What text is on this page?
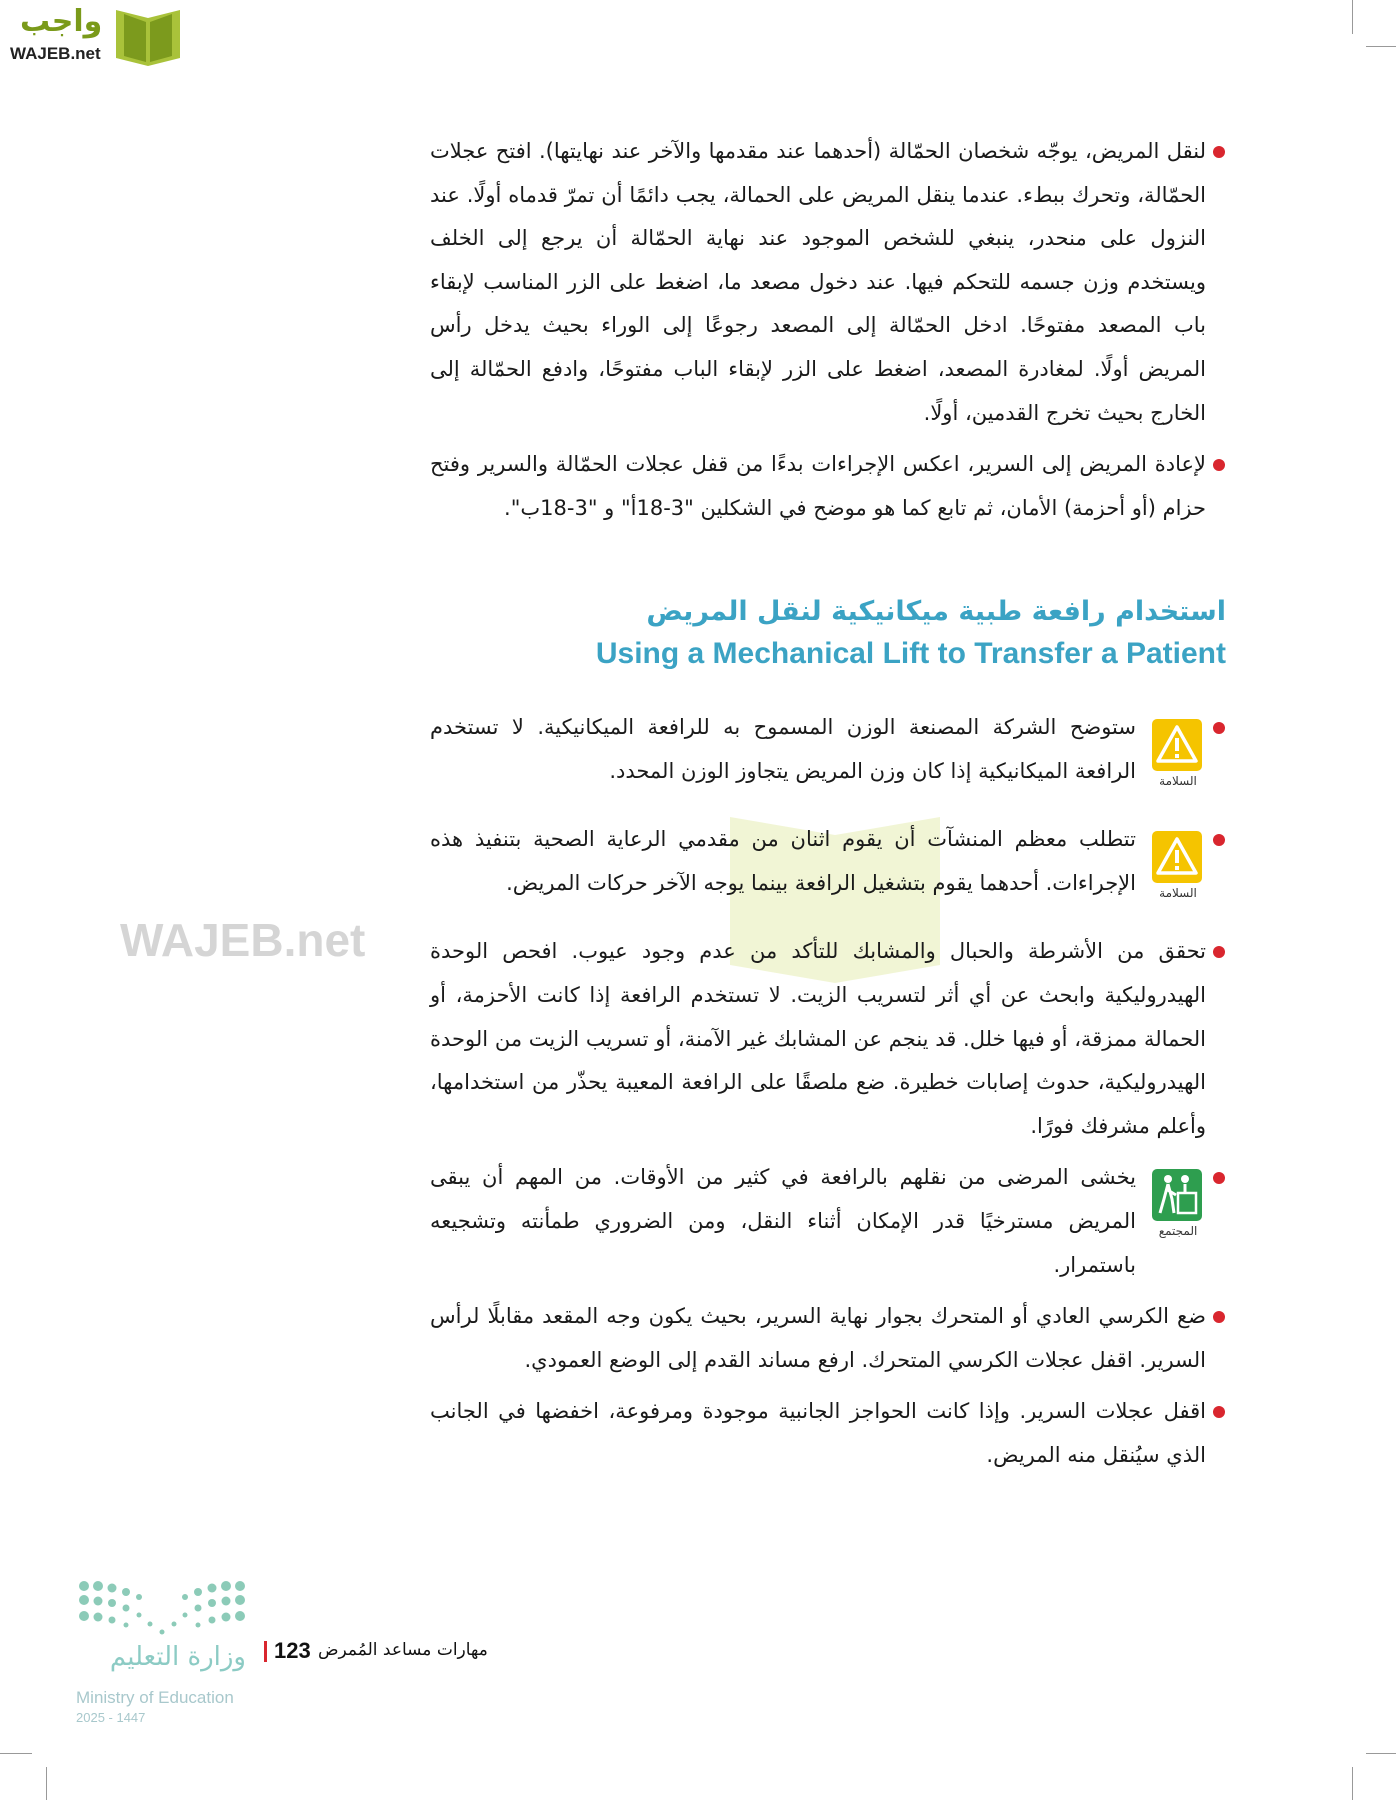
واجب
WAJEB.net
WAJEB.net
لنقل المريض، يوجّه شخصان الحمّالة (أحدهما عند مقدمها والآخر عند نهايتها). افتح عجلات الحمّالة، وتحرك ببطء. عندما ينقل المريض على الحمالة، يجب دائمًا أن تمرّ قدماه أولًا. عند النزول على منحدر، ينبغي للشخص الموجود عند نهاية الحمّالة أن يرجع إلى الخلف ويستخدم وزن جسمه للتحكم فيها. عند دخول مصعد ما، اضغط على الزر المناسب لإبقاء باب المصعد مفتوحًا. ادخل الحمّالة إلى المصعد رجوعًا إلى الوراء بحيث يدخل رأس المريض أولًا. لمغادرة المصعد، اضغط على الزر لإبقاء الباب مفتوحًا، وادفع الحمّالة إلى الخارج بحيث تخرج القدمين، أولًا.
لإعادة المريض إلى السرير، اعكس الإجراءات بدءًا من قفل عجلات الحمّالة والسرير وفتح حزام (أو أحزمة) الأمان، ثم تابع كما هو موضح في الشكلين "3-18أ" و "3-18ب".
استخدام رافعة طبية ميكانيكية لنقل المريض
Using a Mechanical Lift to Transfer a Patient
السلامة
ستوضح الشركة المصنعة الوزن المسموح به للرافعة الميكانيكية. لا تستخدم الرافعة الميكانيكية إذا كان وزن المريض يتجاوز الوزن المحدد.
السلامة
تتطلب معظم المنشآت أن يقوم اثنان من مقدمي الرعاية الصحية بتنفيذ هذه الإجراءات. أحدهما يقوم بتشغيل الرافعة بينما يوجه الآخر حركات المريض.
تحقق من الأشرطة والحبال والمشابك للتأكد من عدم وجود عيوب. افحص الوحدة الهيدروليكية وابحث عن أي أثر لتسريب الزيت. لا تستخدم الرافعة إذا كانت الأحزمة، أو الحمالة ممزقة، أو فيها خلل. قد ينجم عن المشابك غير الآمنة، أو تسريب الزيت من الوحدة الهيدروليكية، حدوث إصابات خطيرة. ضع ملصقًا على الرافعة المعيبة يحذّر من استخدامها، وأعلم مشرفك فورًا.
المجتمع
يخشى المرضى من نقلهم بالرافعة في كثير من الأوقات. من المهم أن يبقى المريض مسترخيًا قدر الإمكان أثناء النقل، ومن الضروري طمأنته وتشجيعه باستمرار.
ضع الكرسي العادي أو المتحرك بجوار نهاية السرير، بحيث يكون وجه المقعد مقابلًا لرأس السرير. اقفل عجلات الكرسي المتحرك. ارفع مساند القدم إلى الوضع العمودي.
اقفل عجلات السرير. وإذا كانت الحواجز الجانبية موجودة ومرفوعة، اخفضها في الجانب الذي سيُنقل منه المريض.
وزارة التعليم
Ministry of Education
2025 - 1447
123 مهارات مساعد المُمرض
